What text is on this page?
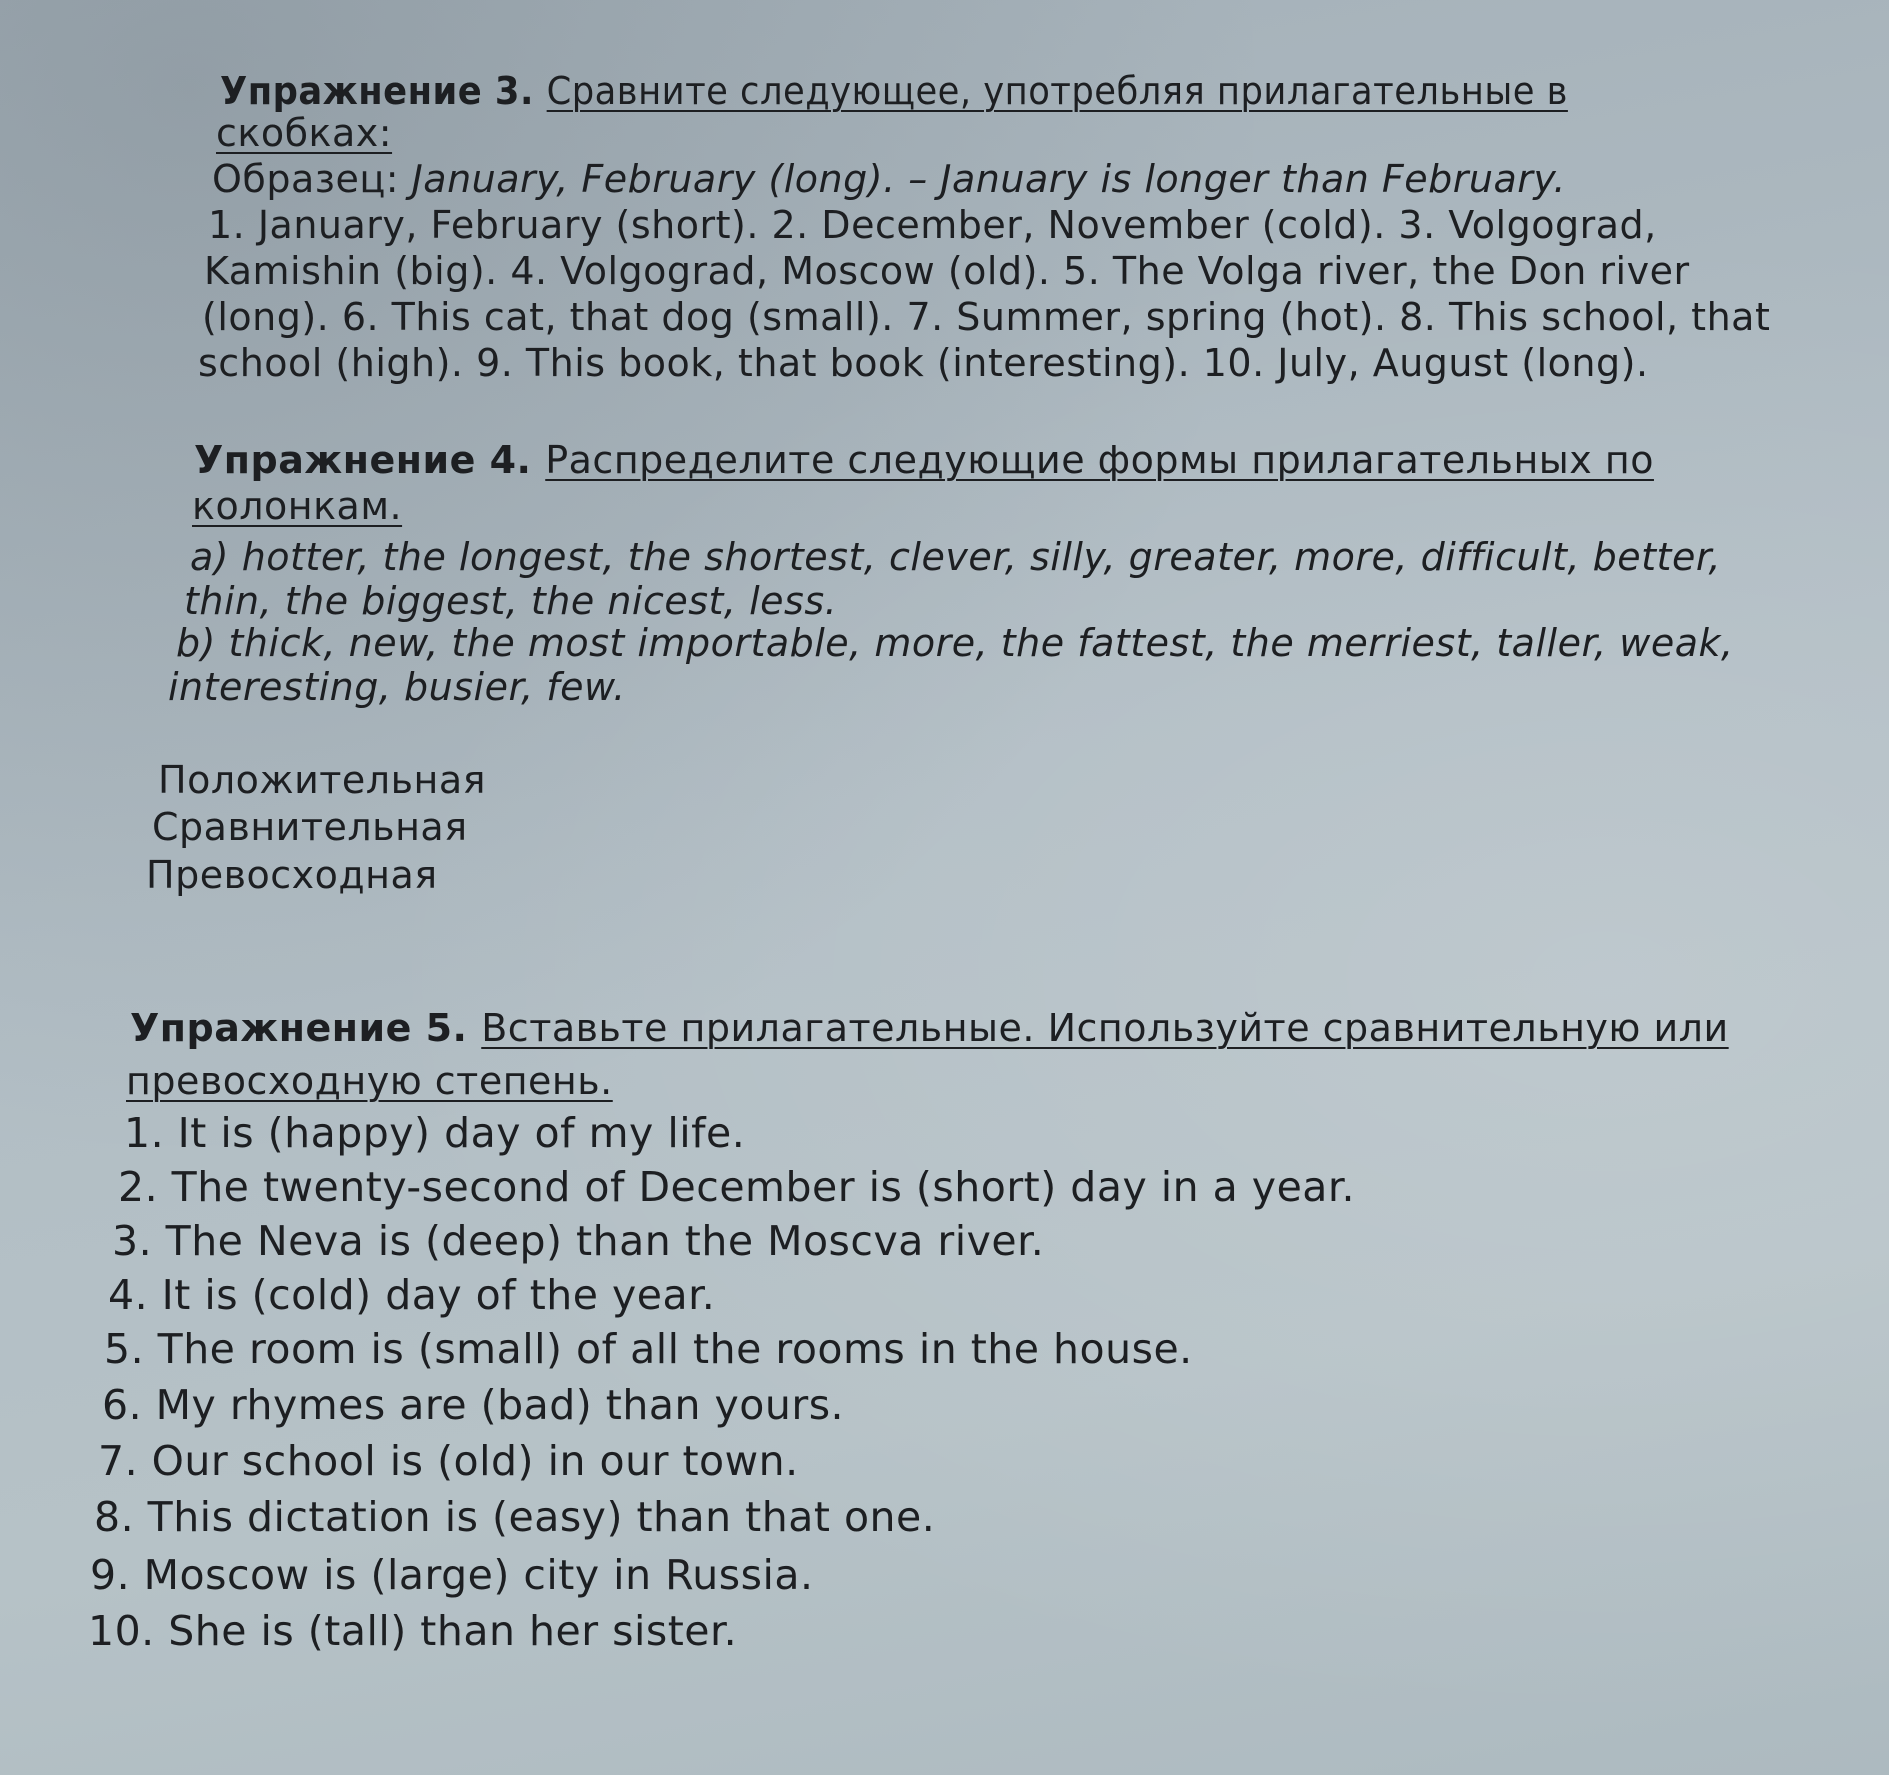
Упражнение 3. Сравните следующее, употребляя прилагательные в
скобках:
Образец: January, February (long). – January is longer than February.
1. January, February (short). 2. December, November (cold). 3. Volgograd,
Kamishin (big). 4. Volgograd, Moscow (old). 5. The Volga river, the Don river
(long). 6. This cat, that dog (small). 7. Summer, spring (hot). 8. This school, that
school (high). 9. This book, that book (interesting). 10. July, August (long).
Упражнение 4. Распределите следующие формы прилагательных по
колонкам.
a) hotter, the longest, the shortest, clever, silly, greater, more, difficult, better,
thin, the biggest, the nicest, less.
b) thick, new, the most importable, more, the fattest, the merriest, taller, weak,
interesting, busier, few.
Положительная
Сравнительная
Превосходная
Упражнение 5. Вставьте прилагательные. Используйте сравнительную или
превосходную степень.
1. It is (happy) day of my life.
2. The twenty-second of December is (short) day in a year.
3. The Neva is (deep) than the Moscva river.
4. It is (cold) day of the year.
5. The room is (small) of all the rooms in the house.
6. My rhymes are (bad) than yours.
7. Our school is (old) in our town.
8. This dictation is (easy) than that one.
9. Moscow is (large) city in Russia.
10. She is (tall) than her sister.
